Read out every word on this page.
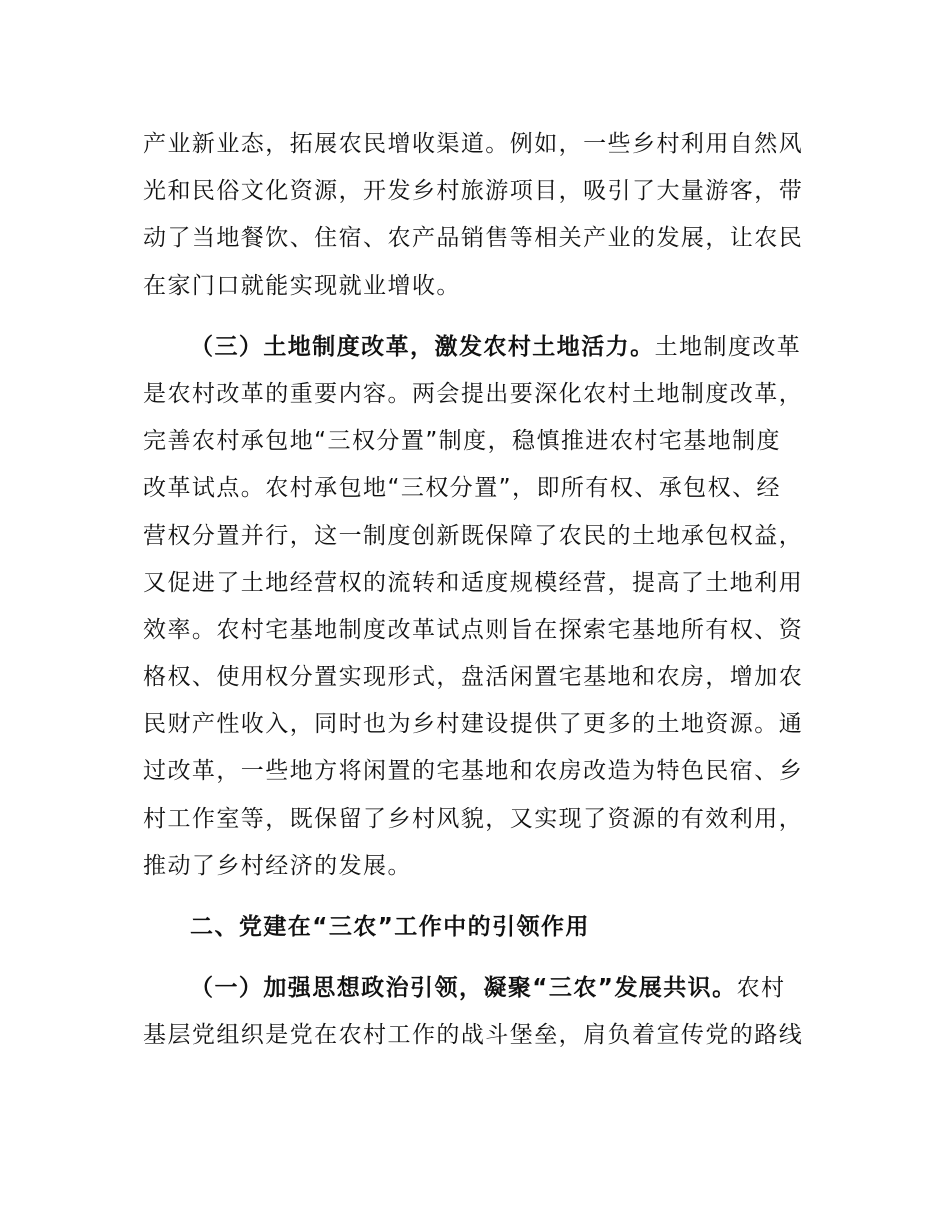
产业新业态，拓展农民增收渠道。例如，一些乡村利用自然风
光和民俗文化资源，开发乡村旅游项目，吸引了大量游客，带
动了当地餐饮、住宿、农产品销售等相关产业的发展，让农民
在家门口就能实现就业增收。
（三）土地制度改革，激发农村土地活力。土地制度改革
是农村改革的重要内容。两会提出要深化农村土地制度改革，
完善农村承包地“三权分置”制度，稳慎推进农村宅基地制度
改革试点。农村承包地“三权分置”，即所有权、承包权、经
营权分置并行，这一制度创新既保障了农民的土地承包权益，
又促进了土地经营权的流转和适度规模经营，提高了土地利用
效率。农村宅基地制度改革试点则旨在探索宅基地所有权、资
格权、使用权分置实现形式，盘活闲置宅基地和农房，增加农
民财产性收入，同时也为乡村建设提供了更多的土地资源。通
过改革，一些地方将闲置的宅基地和农房改造为特色民宿、乡
村工作室等，既保留了乡村风貌，又实现了资源的有效利用，
推动了乡村经济的发展。
二、党建在“三农”工作中的引领作用
（一）加强思想政治引领，凝聚“三农”发展共识。农村
基层党组织是党在农村工作的战斗堡垒，肩负着宣传党的路线
